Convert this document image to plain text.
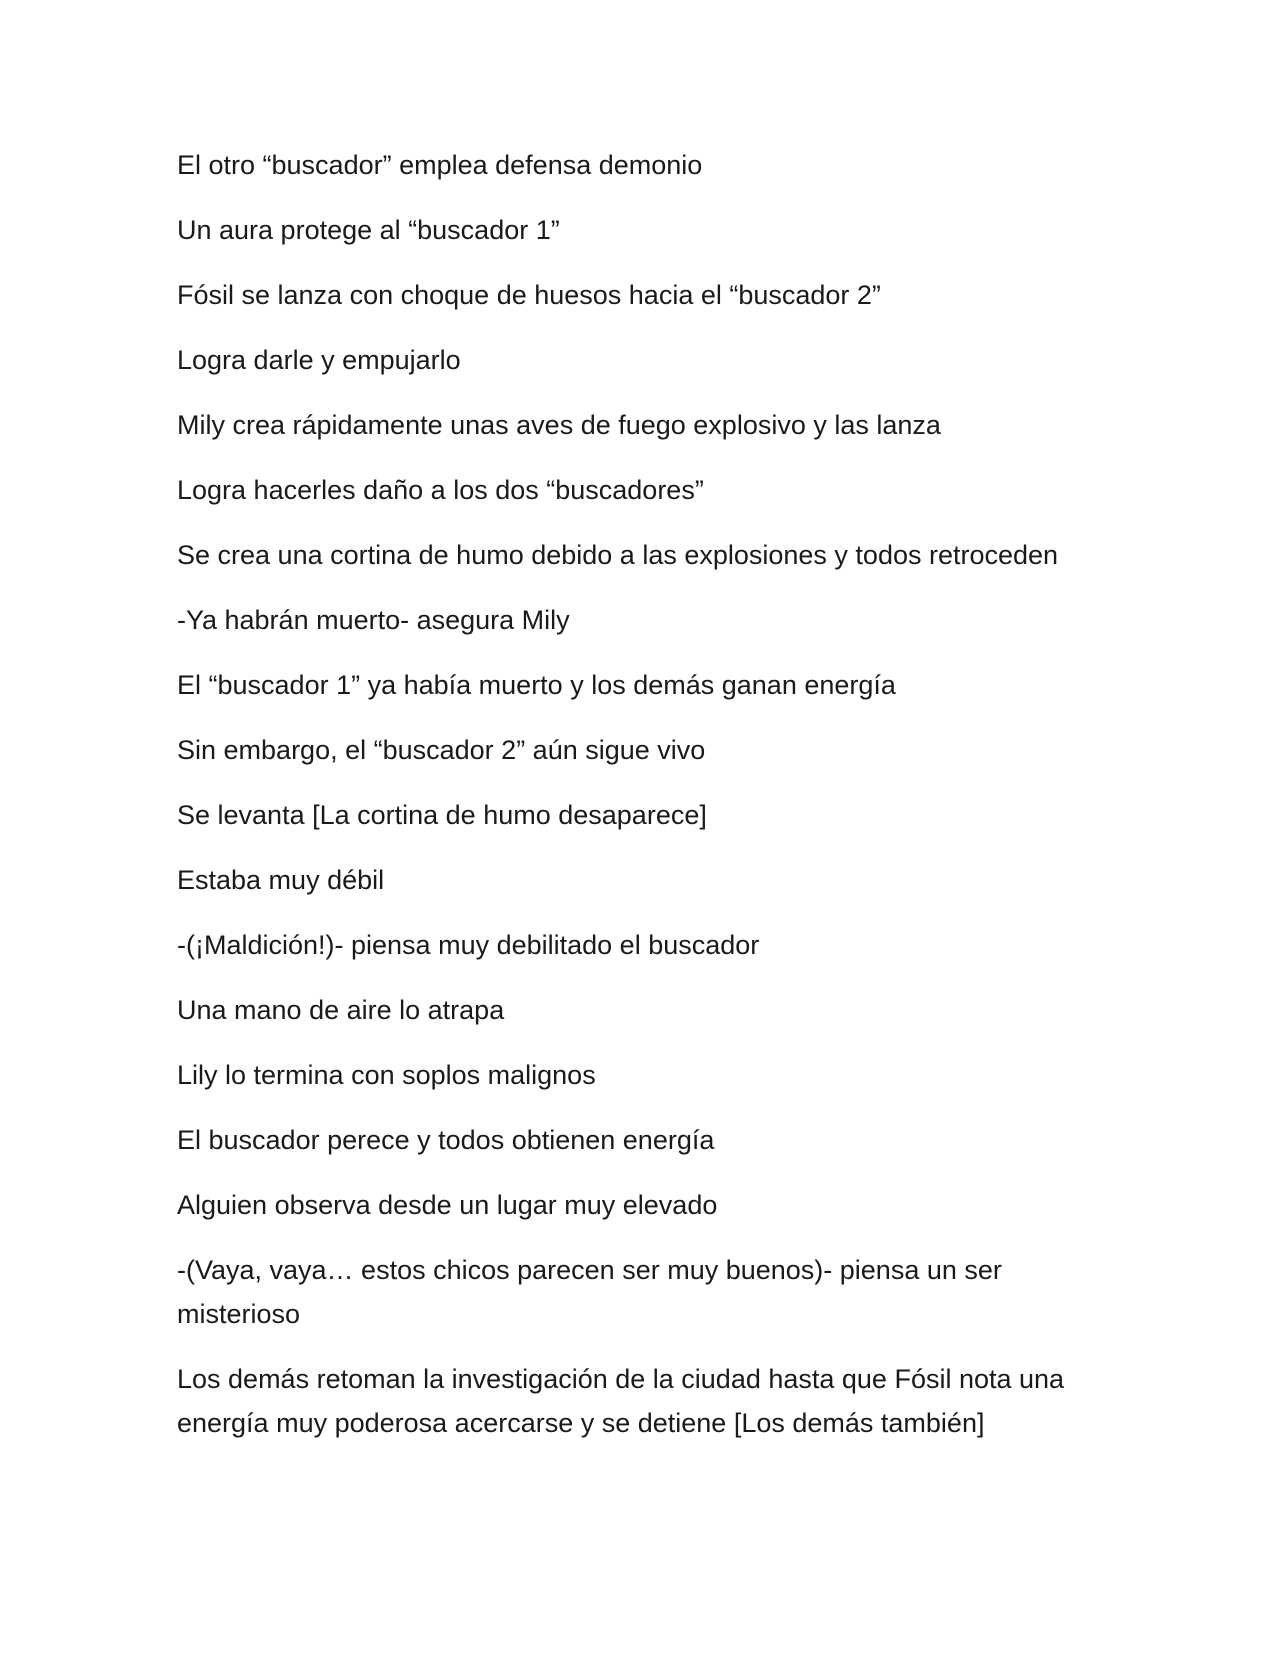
El otro “buscador” emplea defensa demonio

Un aura protege al “buscador 1”

Fósil se lanza con choque de huesos hacia el “buscador 2”

Logra darle y empujarlo

Mily crea rápidamente unas aves de fuego explosivo y las lanza

Logra hacerles daño a los dos “buscadores”

Se crea una cortina de humo debido a las explosiones y todos retroceden

-Ya habrán muerto- asegura Mily

El “buscador 1” ya había muerto y los demás ganan energía

Sin embargo, el “buscador 2” aún sigue vivo

Se levanta [La cortina de humo desaparece]

Estaba muy débil

-(¡Maldición!)- piensa muy debilitado el buscador

Una mano de aire lo atrapa

Lily lo termina con soplos malignos

El buscador perece y todos obtienen energía

Alguien observa desde un lugar muy elevado

-(Vaya, vaya… estos chicos parecen ser muy buenos)- piensa un ser misterioso

Los demás retoman la investigación de la ciudad hasta que Fósil nota una energía muy poderosa acercarse y se detiene [Los demás también]
